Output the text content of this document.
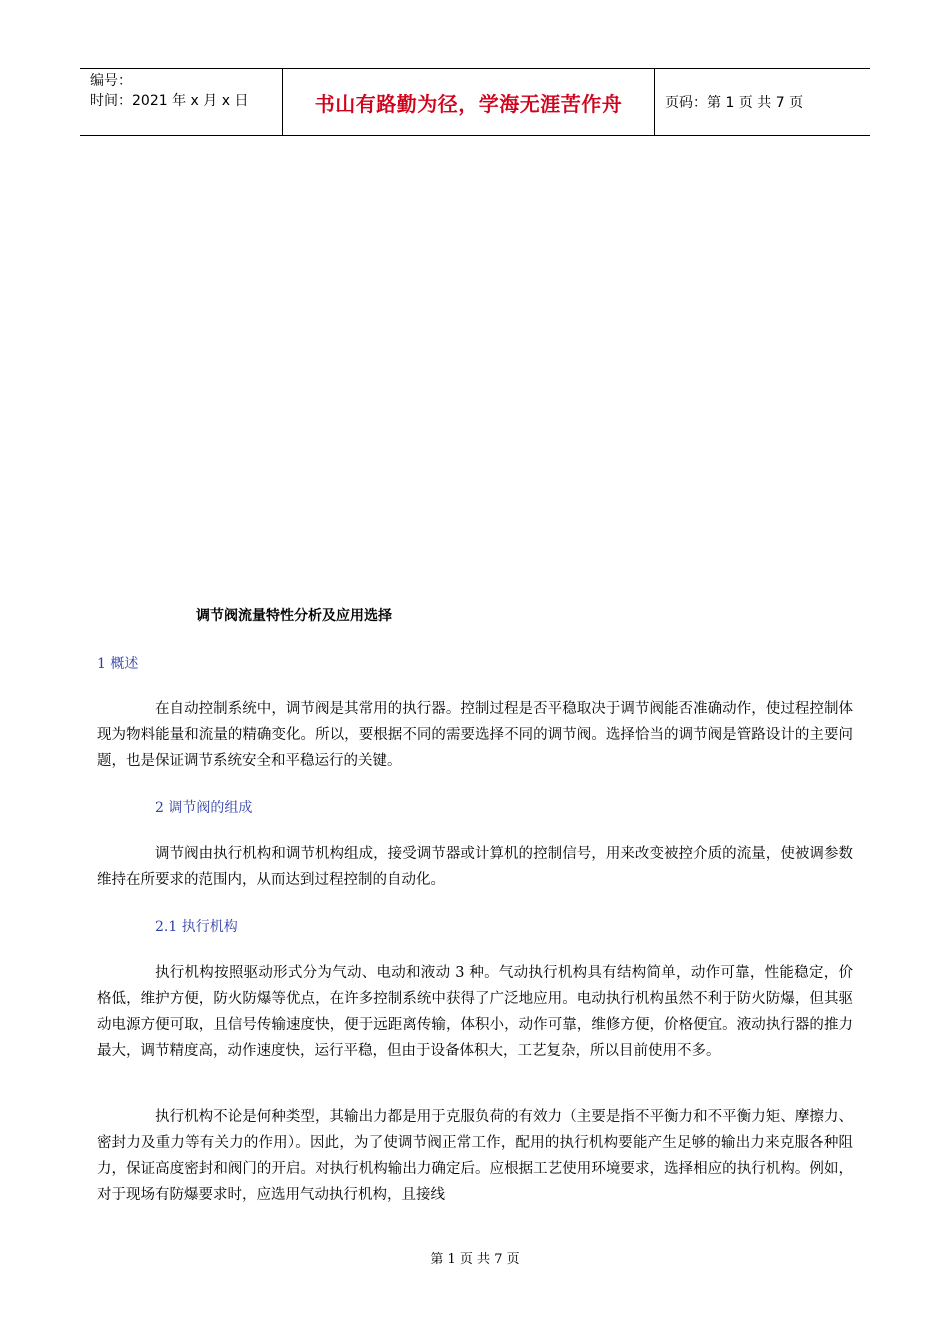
编号：
时间：2021 年 x 月 x 日	书山有路勤为径，学海无涯苦作舟	页码：第 1 页 共 7 页
调节阀流量特性分析及应用选择
1 概述
在自动控制系统中，调节阀是其常用的执行器。控制过程是否平稳取决于调节阀能否准确动作，使过程控制体现为物料能量和流量的精确变化。所以，要根据不同的需要选择不同的调节阀。选择恰当的调节阀是管路设计的主要问题，也是保证调节系统安全和平稳运行的关键。
2 调节阀的组成
调节阀由执行机构和调节机构组成，接受调节器或计算机的控制信号，用来改变被控介质的流量，使被调参数维持在所要求的范围内，从而达到过程控制的自动化。
2.1 执行机构
执行机构按照驱动形式分为气动、电动和液动 3 种。气动执行机构具有结构简单，动作可靠，性能稳定，价格低，维护方便，防火防爆等优点，在许多控制系统中获得了广泛地应用。电动执行机构虽然不利于防火防爆，但其驱动电源方便可取，且信号传输速度快，便于远距离传输，体积小，动作可靠，维修方便，价格便宜。液动执行器的推力最大，调节精度高，动作速度快，运行平稳，但由于设备体积大，工艺复杂，所以目前使用不多。
执行机构不论是何种类型，其输出力都是用于克服负荷的有效力（主要是指不平衡力和不平衡力矩、摩擦力、密封力及重力等有关力的作用）。因此，为了使调节阀正常工作，配用的执行机构要能产生足够的输出力来克服各种阻力，保证高度密封和阀门的开启。对执行机构输出力确定后。应根据工艺使用环境要求，选择相应的执行机构。例如，对于现场有防爆要求时，应选用气动执行机构，且接线
第 1 页 共 7 页
